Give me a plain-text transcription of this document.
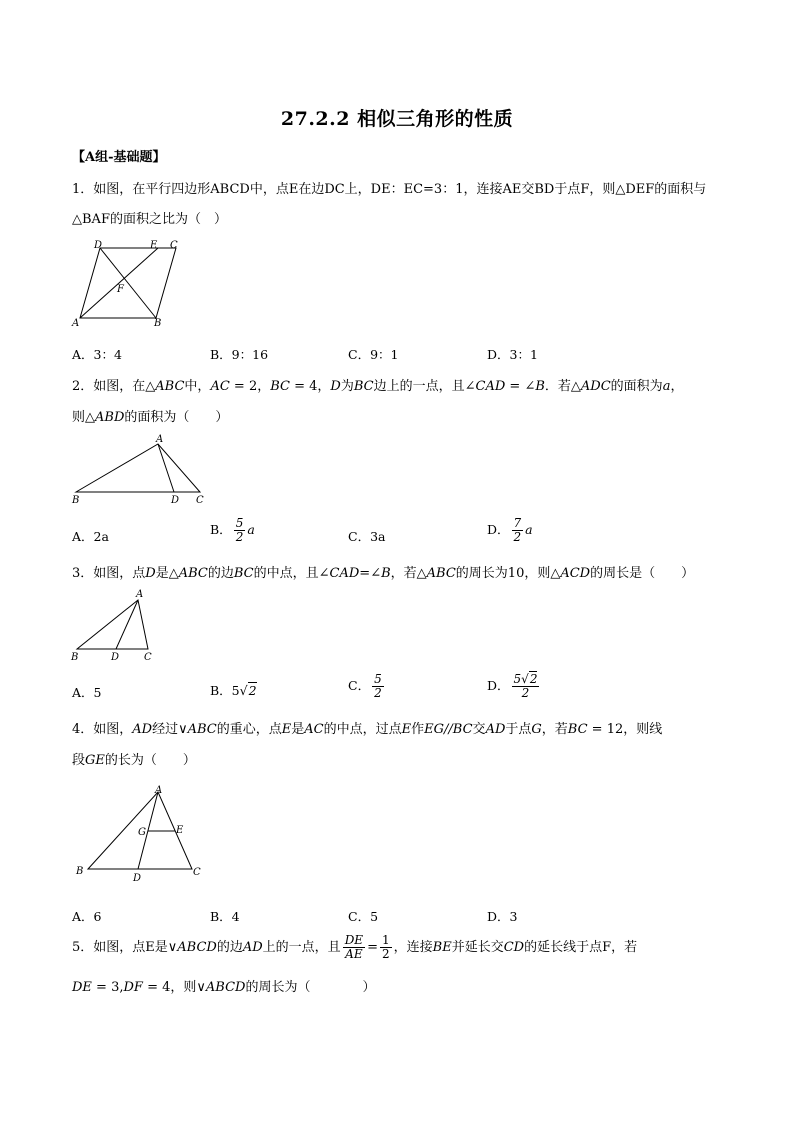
27.2.2 相似三角形的性质
【A组-基础题】
1．如图，在平行四边形ABCD中，点E在边DC上，DE：EC=3：1，连接AE交BD于点F，则△DEF的面积与
△BAF的面积之比为（　）
D	E C
F
A	B
A．3：4	B．9：16	C．9：1	D．3：1
2．如图，在△ABC中，AC = 2，BC = 4，D为BC边上的一点，且∠CAD = ∠B．若△ADC的面积为a，
则△ABD的面积为（　　）
A
B	D C
A．2a	B． $\frac{5}{2}$ a	C．3a	D． $\frac{7}{2}$ a
3．如图，点D是△ABC的边BC的中点，且∠CAD=∠B，若△ABC的周长为10，则△ACD的周长是（　　）
A
B	D C
A．5	B．5√2	C． $\frac{5}{2}$	D． $\frac{5√2}{2}$
4．如图，AD经过∨ABC的重心，点E是AC的中点，过点E作EG//BC交AD于点G，若BC = 12，则线
段GE的长为（　　）
A
G	E
B
D
C
A．6	B．4	C．5	D．3
5．如图，点E是∨ABCD的边AD上的一点，且 $\frac{DE}{AE} = \frac{1}{2}$ ，连接BE并延长交CD的延长线于点F，若
DE = 3,DF = 4，则∨ABCD的周长为（　　　　）
